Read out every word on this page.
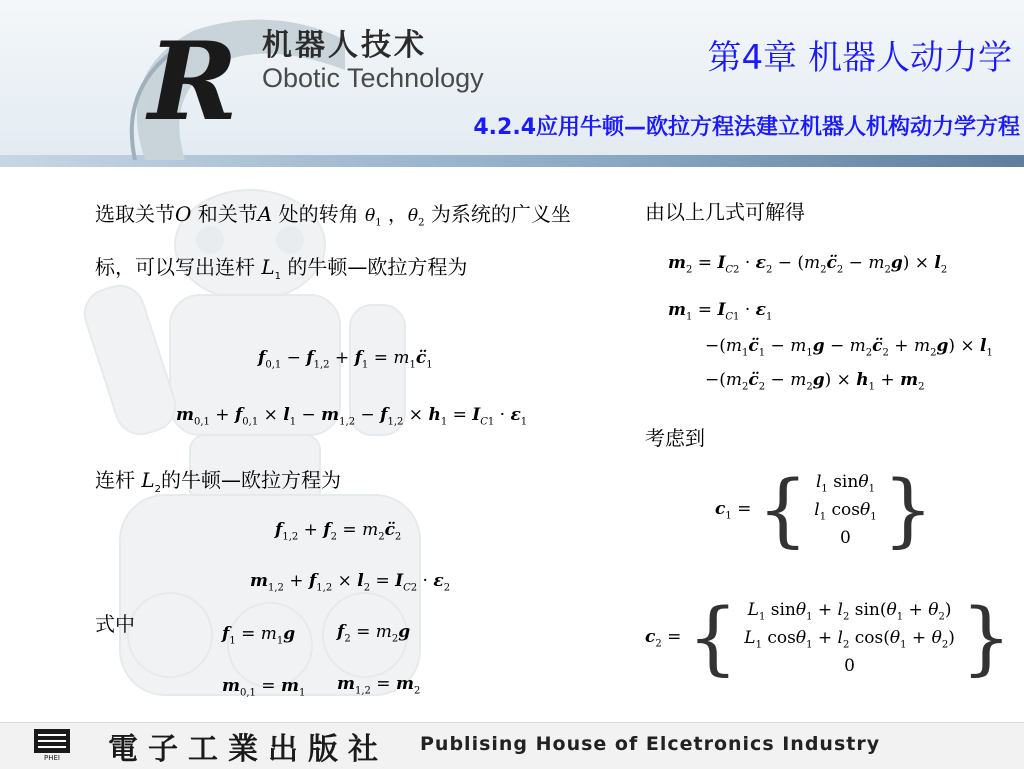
R 机器人技术
Obotic Technology	第4章 机器人动力学
4.2.4应用牛顿—欧拉方程法建立机器人机构动力学方程
选取关节O 和关节A 处的转角 $\theta_1$ ，$\theta_2$ 为系统的广义坐标，可以写出连杆 $L_1$ 的牛顿—欧拉方程为
$f_{0,1} - f_{1,2} + f_1$ = $m_1c̈_1$
$m_{0,1} + f_{0,1} \times l_1 - m_{1,2} - f_{1,2} \times h_1 = I_{C1} \cdot \varepsilon_1$
连杆 $L_2$的牛顿—欧拉方程为
$f_{1,2} + f_2$ = $m_2c̈_2$
$m_{1,2} + f_{1,2} \times l_2 = I_{C2} \cdot \varepsilon_2$
式中	$f_1 = m_1g$ $f_2 = m_2g$
$m_{0,1} = m_1$ $m_{1,2} = m_2$
由以上几式可解得
$m_2 = I_{C2} \cdot \varepsilon_2$ − $(m_2c̈_2 - m_2g) \times l_2$
$m_1 = I_{C1} \cdot \varepsilon_1$
$-(m_1c̈_1 - m_1g$ − $m_2c̈_2 + m_2g) \times l_1$
$-(m_2c̈_2 - m_2g) \times h_1 + m_2$
考虑到
$c_1$ = { $l_1$ sinθ$_1$
$l_1$ cosθ$_1$
0 }
$c_2$ = { $L_1$ $\sin\theta_1 + l_2$ $\sin(\theta_1 + \theta_2)$
$L_1$ $\cos\theta_1 + l_2$ $\cos(\theta_1 + \theta_2)$
0	}
PHEI 電子工業出版社 Publising House of Elcetronics Industry
